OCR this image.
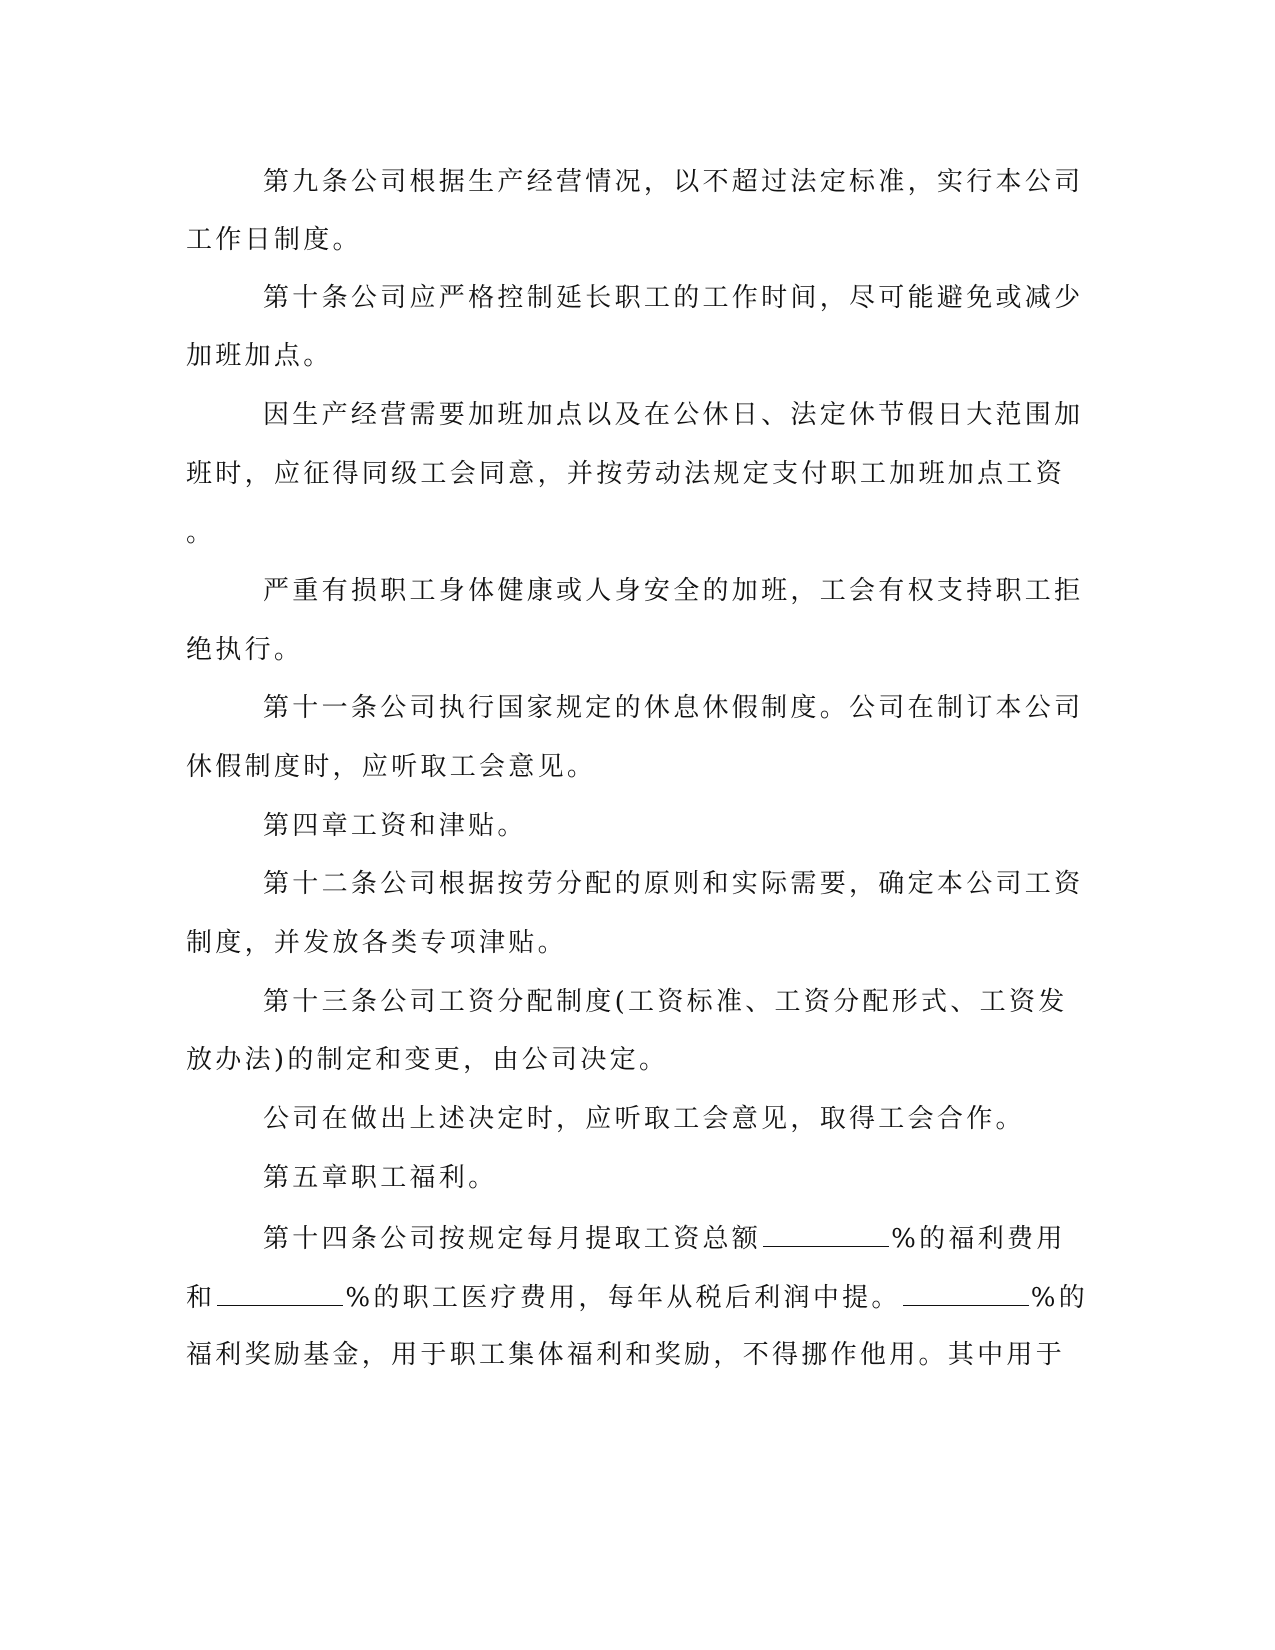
第九条公司根据生产经营情况，以不超过法定标准，实行本公司
工作日制度。
第十条公司应严格控制延长职工的工作时间，尽可能避免或减少
加班加点。
因生产经营需要加班加点以及在公休日、法定休节假日大范围加
班时，应征得同级工会同意，并按劳动法规定支付职工加班加点工资
。
严重有损职工身体健康或人身安全的加班，工会有权支持职工拒
绝执行。
第十一条公司执行国家规定的休息休假制度。公司在制订本公司
休假制度时，应听取工会意见。
第四章工资和津贴。
第十二条公司根据按劳分配的原则和实际需要，确定本公司工资
制度，并发放各类专项津贴。
第十三条公司工资分配制度(工资标准、工资分配形式、工资发
放办法)的制定和变更，由公司决定。
公司在做出上述决定时，应听取工会意见，取得工会合作。
第五章职工福利。
第十四条公司按规定每月提取工资总额	%的福利费用
和	%的职工医疗费用，每年从税后利润中提。	%的
福利奖励基金，用于职工集体福利和奖励，不得挪作他用。其中用于
